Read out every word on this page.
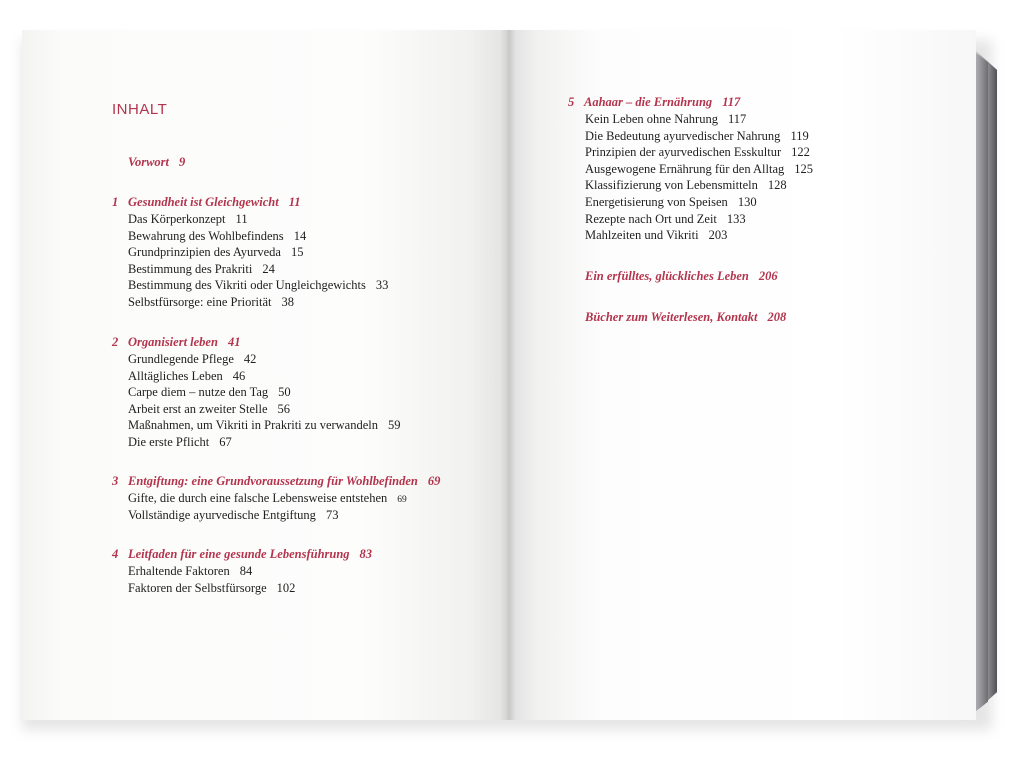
INHALT
Vorwort 9
1 Gesundheit ist Gleichgewicht 11
Das Körperkonzept 11
Bewahrung des Wohlbefindens 14
Grundprinzipien des Ayurveda 15
Bestimmung des Prakriti 24
Bestimmung des Vikriti oder Ungleichgewichts 33
Selbstfürsorge: eine Priorität 38
2 Organisiert leben 41
Grundlegende Pflege 42
Alltägliches Leben 46
Carpe diem – nutze den Tag 50
Arbeit erst an zweiter Stelle 56
Maßnahmen, um Vikriti in Prakriti zu verwandeln 59
Die erste Pflicht 67
3 Entgiftung: eine Grundvoraussetzung für Wohlbefinden 69
Gifte, die durch eine falsche Lebensweise entstehen 69
Vollständige ayurvedische Entgiftung 73
4 Leitfaden für eine gesunde Lebensführung 83
Erhaltende Faktoren 84
Faktoren der Selbstfürsorge 102
5 Aahaar – die Ernährung 117
Kein Leben ohne Nahrung 117
Die Bedeutung ayurvedischer Nahrung 119
Prinzipien der ayurvedischen Esskultur 122
Ausgewogene Ernährung für den Alltag 125
Klassifizierung von Lebensmitteln 128
Energetisierung von Speisen 130
Rezepte nach Ort und Zeit 133
Mahlzeiten und Vikriti 203
Ein erfülltes, glückliches Leben 206
Bücher zum Weiterlesen, Kontakt 208
